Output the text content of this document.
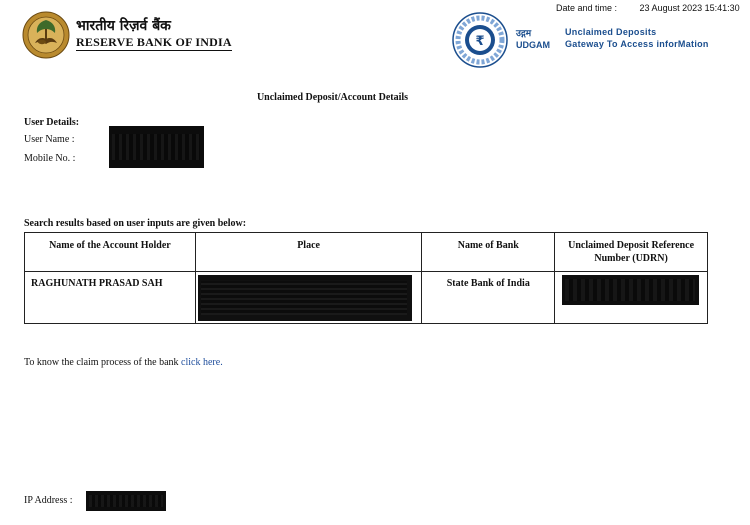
Date and time :	23 August 2023 15:41:30
भारतीय रिज़र्व बैंक
RESERVE BANK OF INDIA	₹
उद्गम
UDGAM
Unclaimed Deposits
Gateway To Access inforMation
Unclaimed Deposit/Account Details
User Details:
User Name :
Mobile No. :
Search results based on user inputs are given below:
Name of the Account Holder	Place	Name of Bank	Unclaimed Deposit Reference Number (UDRN)
RAGHUNATH PRASAD SAH		State Bank of India	
To know the claim process of the bank click here.
IP Address :
